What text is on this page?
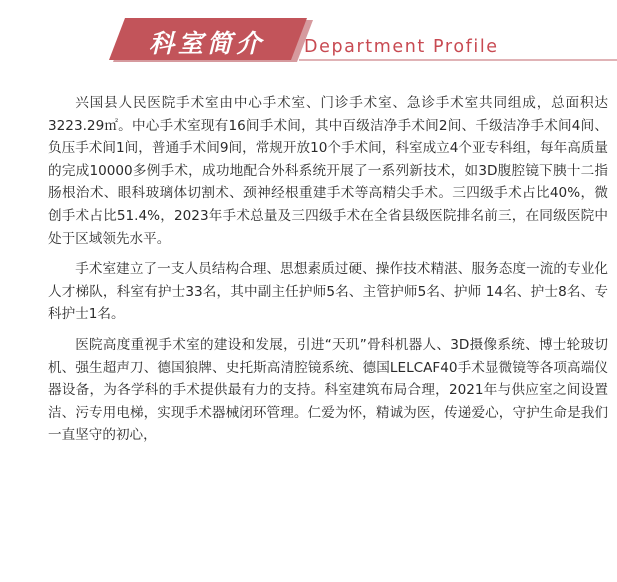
科室简介 Department Profile

兴国县人民医院手术室由中心手术室、门诊手术室、急诊手术室共同组成，总面积达3223.29㎡。中心手术室现有16间手术间，其中百级洁净手术间2间、千级洁净手术间4间、负压手术间1间，普通手术间9间，常规开放10个手术间，科室成立4个亚专科组，每年高质量的完成10000多例手术，成功地配合外科系统开展了一系列新技术，如3D腹腔镜下胰十二指肠根治术、眼科玻璃体切割术、颈神经根重建手术等高精尖手术。三四级手术占比40%，微创手术占比51.4%，2023年手术总量及三四级手术在全省县级医院排名前三，在同级医院中处于区域领先水平。

手术室建立了一支人员结构合理、思想素质过硬、操作技术精湛、服务态度一流的专业化人才梯队，科室有护士33名，其中副主任护师5名、主管护师5名、护师 14名、护士8名、专科护士1名。

医院高度重视手术室的建设和发展，引进“天玑”骨科机器人、3D摄像系统、博士轮玻切机、强生超声刀、德国狼牌、史托斯高清腔镜系统、德国LELCAF40手术显微镜等各项高端仪器设备，为各学科的手术提供最有力的支持。科室建筑布局合理，2021年与供应室之间设置洁、污专用电梯，实现手术器械闭环管理。仁爱为怀，精诚为医，传递爱心，守护生命是我们一直坚守的初心，
